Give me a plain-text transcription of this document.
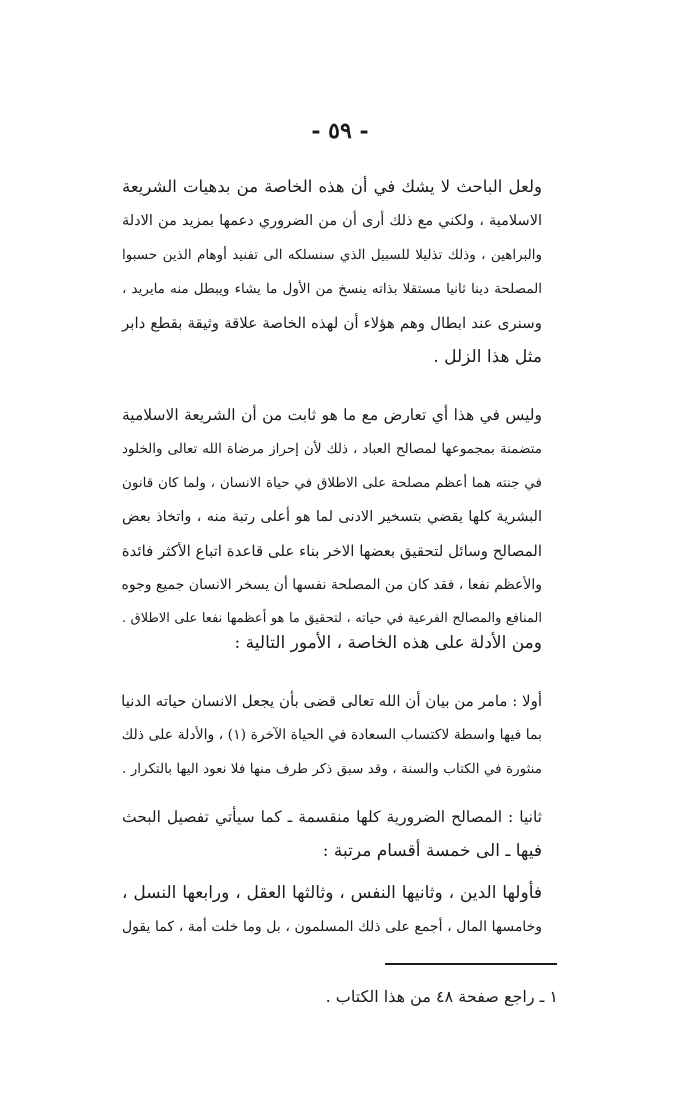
- ٥٩ -
ولعل الباحث لا يشك في أن هذه الخاصة من بدهيات الشريعة
الاسلامية ، ولكني مع ذلك أرى أن من الضروري دعمها بمزيد من الادلة
والبراهين ، وذلك تذليلا للسبيل الذي سنسلكه الى تفنيد أوهام الذين حسبوا
المصلحة دينا ثانيا مستقلا بذاته ينسخ من الأول ما يشاء ويبطل منه مايريد ،
وسنرى عند ابطال وهم هؤلاء أن لهذه الخاصة علاقة وثيقة بقطع دابر
مثل هذا الزلل .
وليس في هذا أي تعارض مع ما هو ثابت من أن الشريعة الاسلامية
متضمنة بمجموعها لمصالح العباد ، ذلك لأن إحراز مرضاة الله تعالى والخلود
في جنته هما أعظم مصلحة على الاطلاق في حياة الانسان ، ولما كان قانون
البشرية كلها يقضي بتسخير الادنى لما هو أعلى رتبة منه ، واتخاذ بعض
المصالح وسائل لتحقيق بعضها الاخر بناء على قاعدة اتباع الأكثر فائدة
والأعظم نفعا ، فقد كان من المصلحة نفسها أن يسخر الانسان جميع وجوه
المنافع والمصالح الفرعية في حياته ، لتحقيق ما هو أعظمها نفعا على الاطلاق .
ومن الأدلة على هذه الخاصة ، الأمور التالية :
أولا : مامر من بيان أن الله تعالى قضى بأن يجعل الانسان حياته الدنيا
بما فيها واسطة لاكتساب السعادة في الحياة الآخرة (١) ، والأدلة على ذلك
منثورة في الكتاب والسنة ، وقد سبق ذكر طرف منها فلا نعود اليها بالتكرار .
ثانيا : المصالح الضرورية كلها منقسمة ـ كما سيأتي تفصيل البحث
فيها ـ الى خمسة أقسام مرتبة :
فأولها الدين ، وثانيها النفس ، وثالثها العقل ، ورابعها النسل ،
وخامسها المال ، أجمع على ذلك المسلمون ، بل وما خلت أمة ، كما يقول
١ ـ راجع صفحة ٤٨ من هذا الكتاب .
